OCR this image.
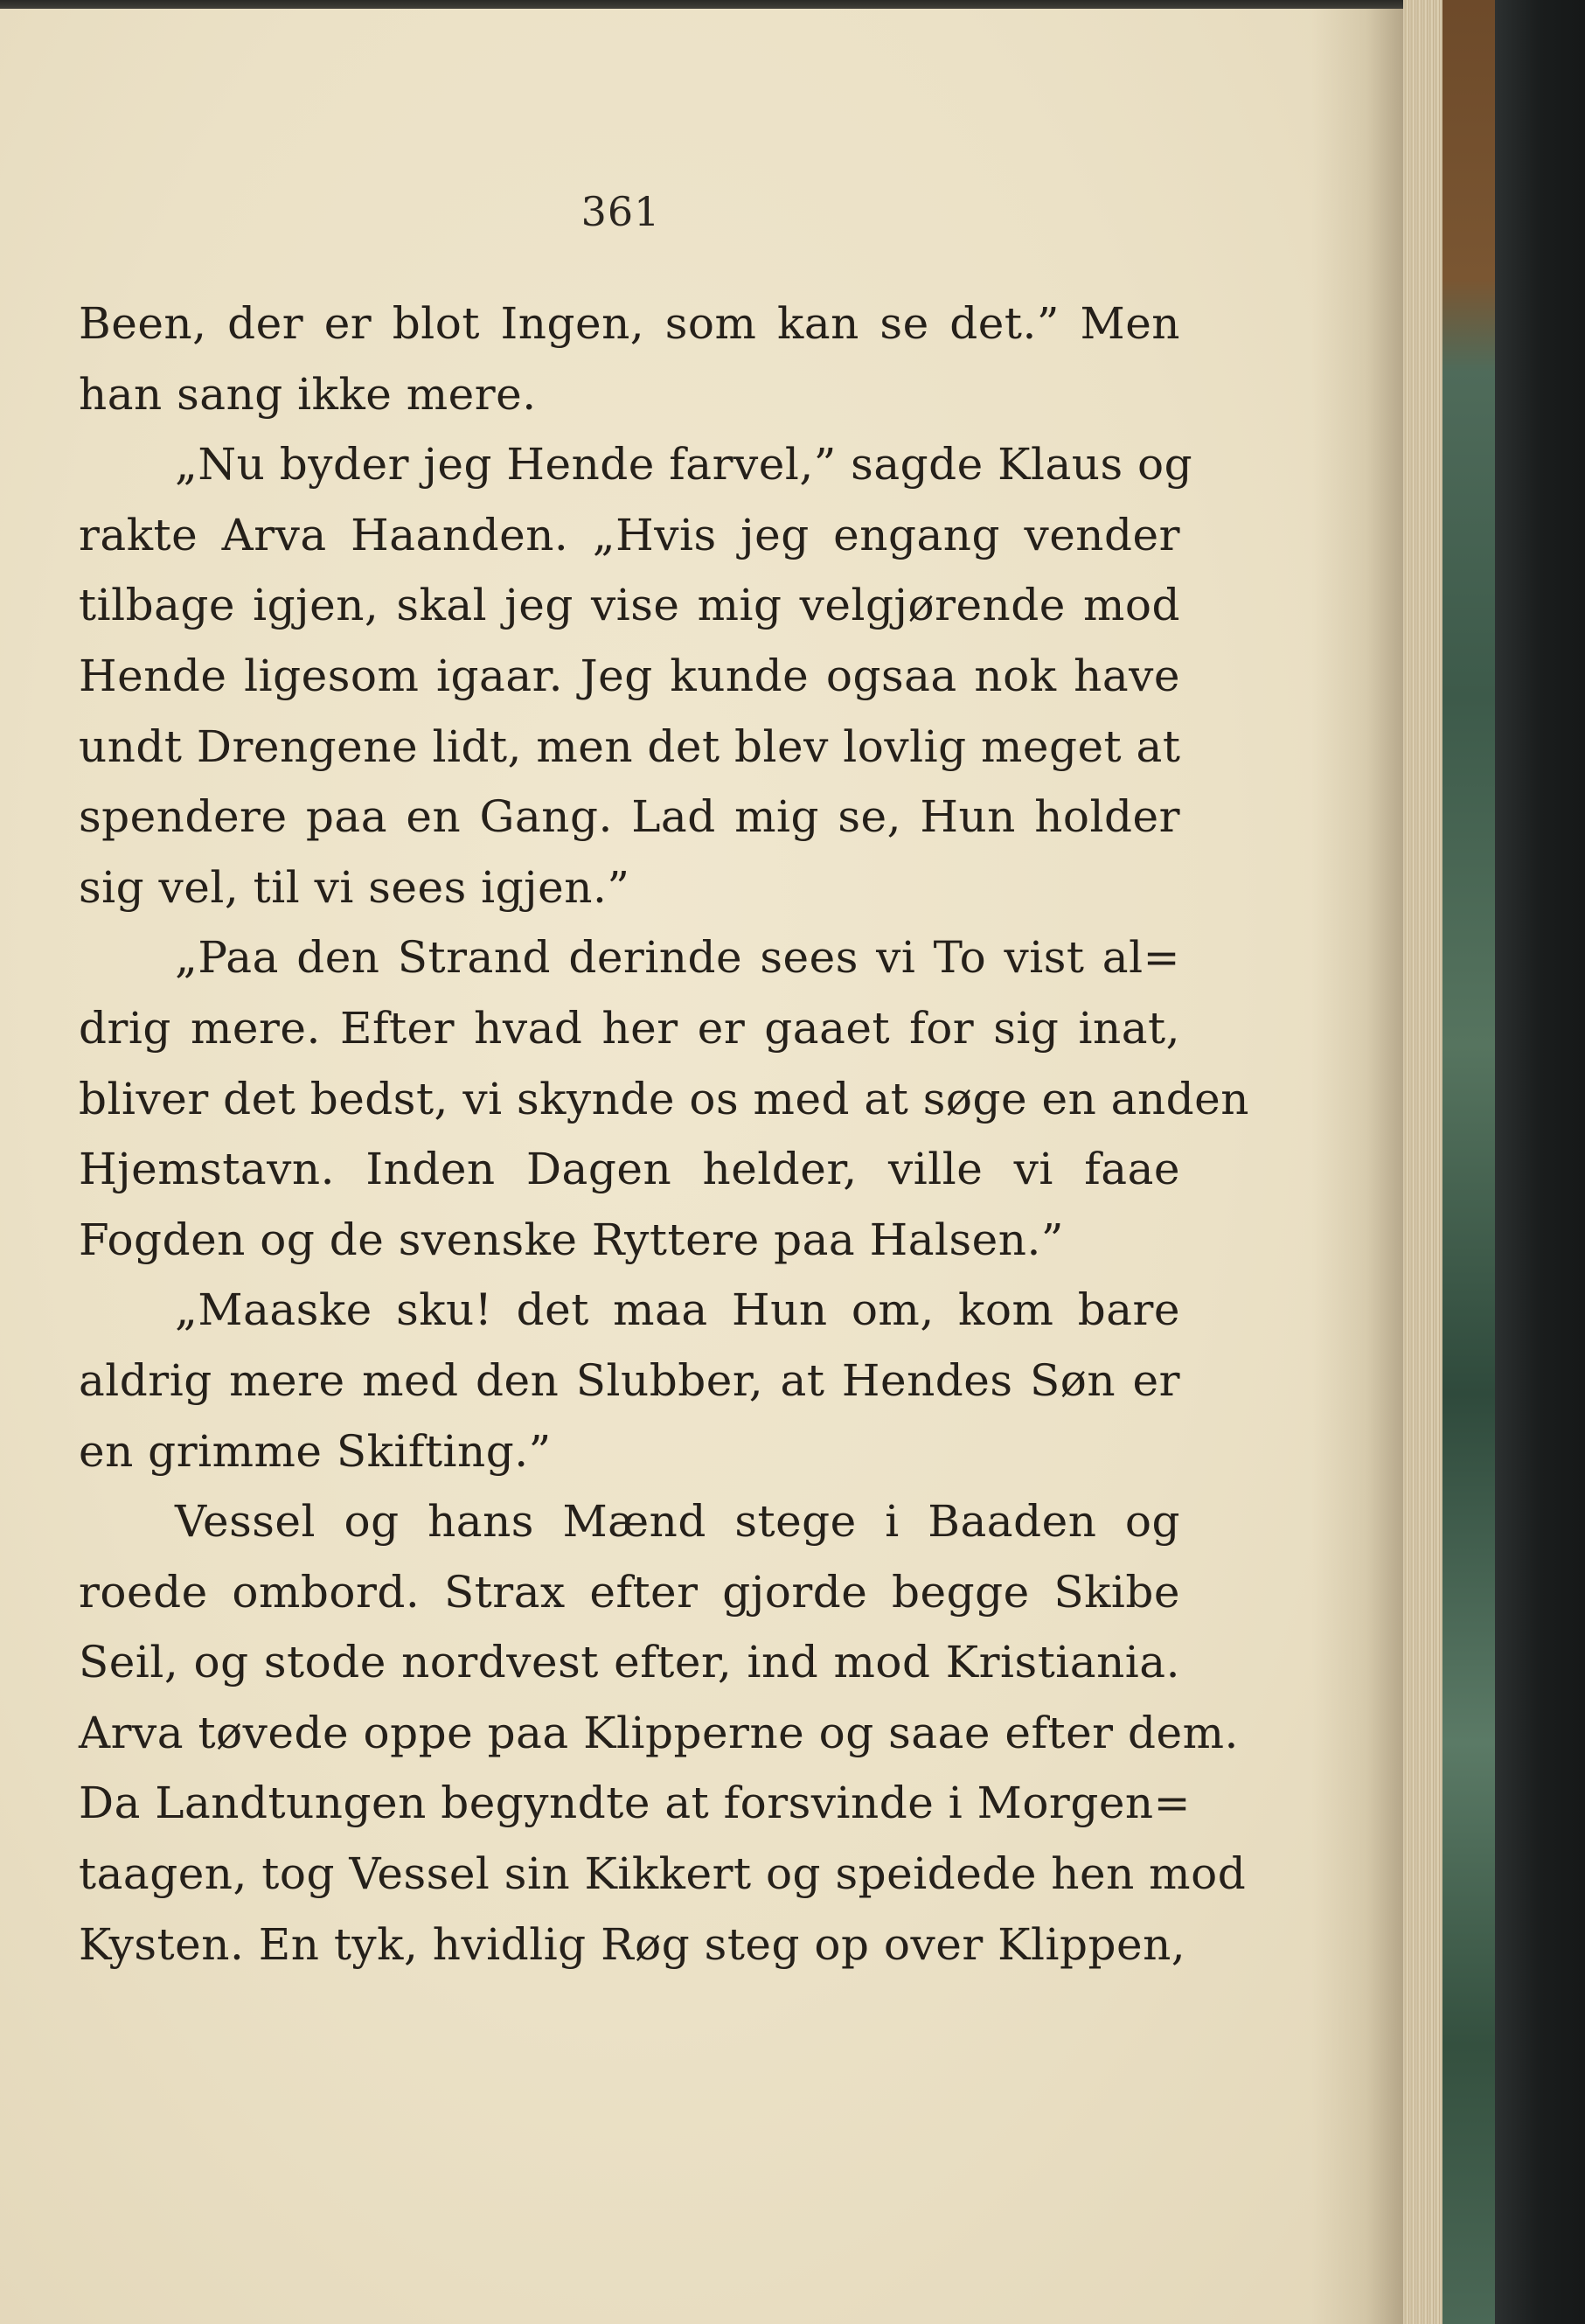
361
Been, der er blot Ingen, som kan se det.” Men
han sang ikke mere.
„Nu byder jeg Hende farvel,” sagde Klaus og
rakte Arva Haanden. „Hvis jeg engang vender
tilbage igjen, skal jeg vise mig velgjørende mod
Hende ligesom igaar. Jeg kunde ogsaa nok have
undt Drengene lidt, men det blev lovlig meget at
spendere paa en Gang. Lad mig se, Hun holder
sig vel, til vi sees igjen.”
„Paa den Strand derinde sees vi To vist al=
drig mere. Efter hvad her er gaaet for sig inat,
bliver det bedst, vi skynde os med at søge en anden
Hjemstavn. Inden Dagen helder, ville vi faae
Fogden og de svenske Ryttere paa Halsen.”
„Maaske sku! det maa Hun om, kom bare
aldrig mere med den Slubber, at Hendes Søn er
en grimme Skifting.”
Vessel og hans Mænd stege i Baaden og
roede ombord. Strax efter gjorde begge Skibe
Seil, og stode nordvest efter, ind mod Kristiania.
Arva tøvede oppe paa Klipperne og saae efter dem.
Da Landtungen begyndte at forsvinde i Morgen=
taagen, tog Vessel sin Kikkert og speidede hen mod
Kysten. En tyk, hvidlig Røg steg op over Klippen,
